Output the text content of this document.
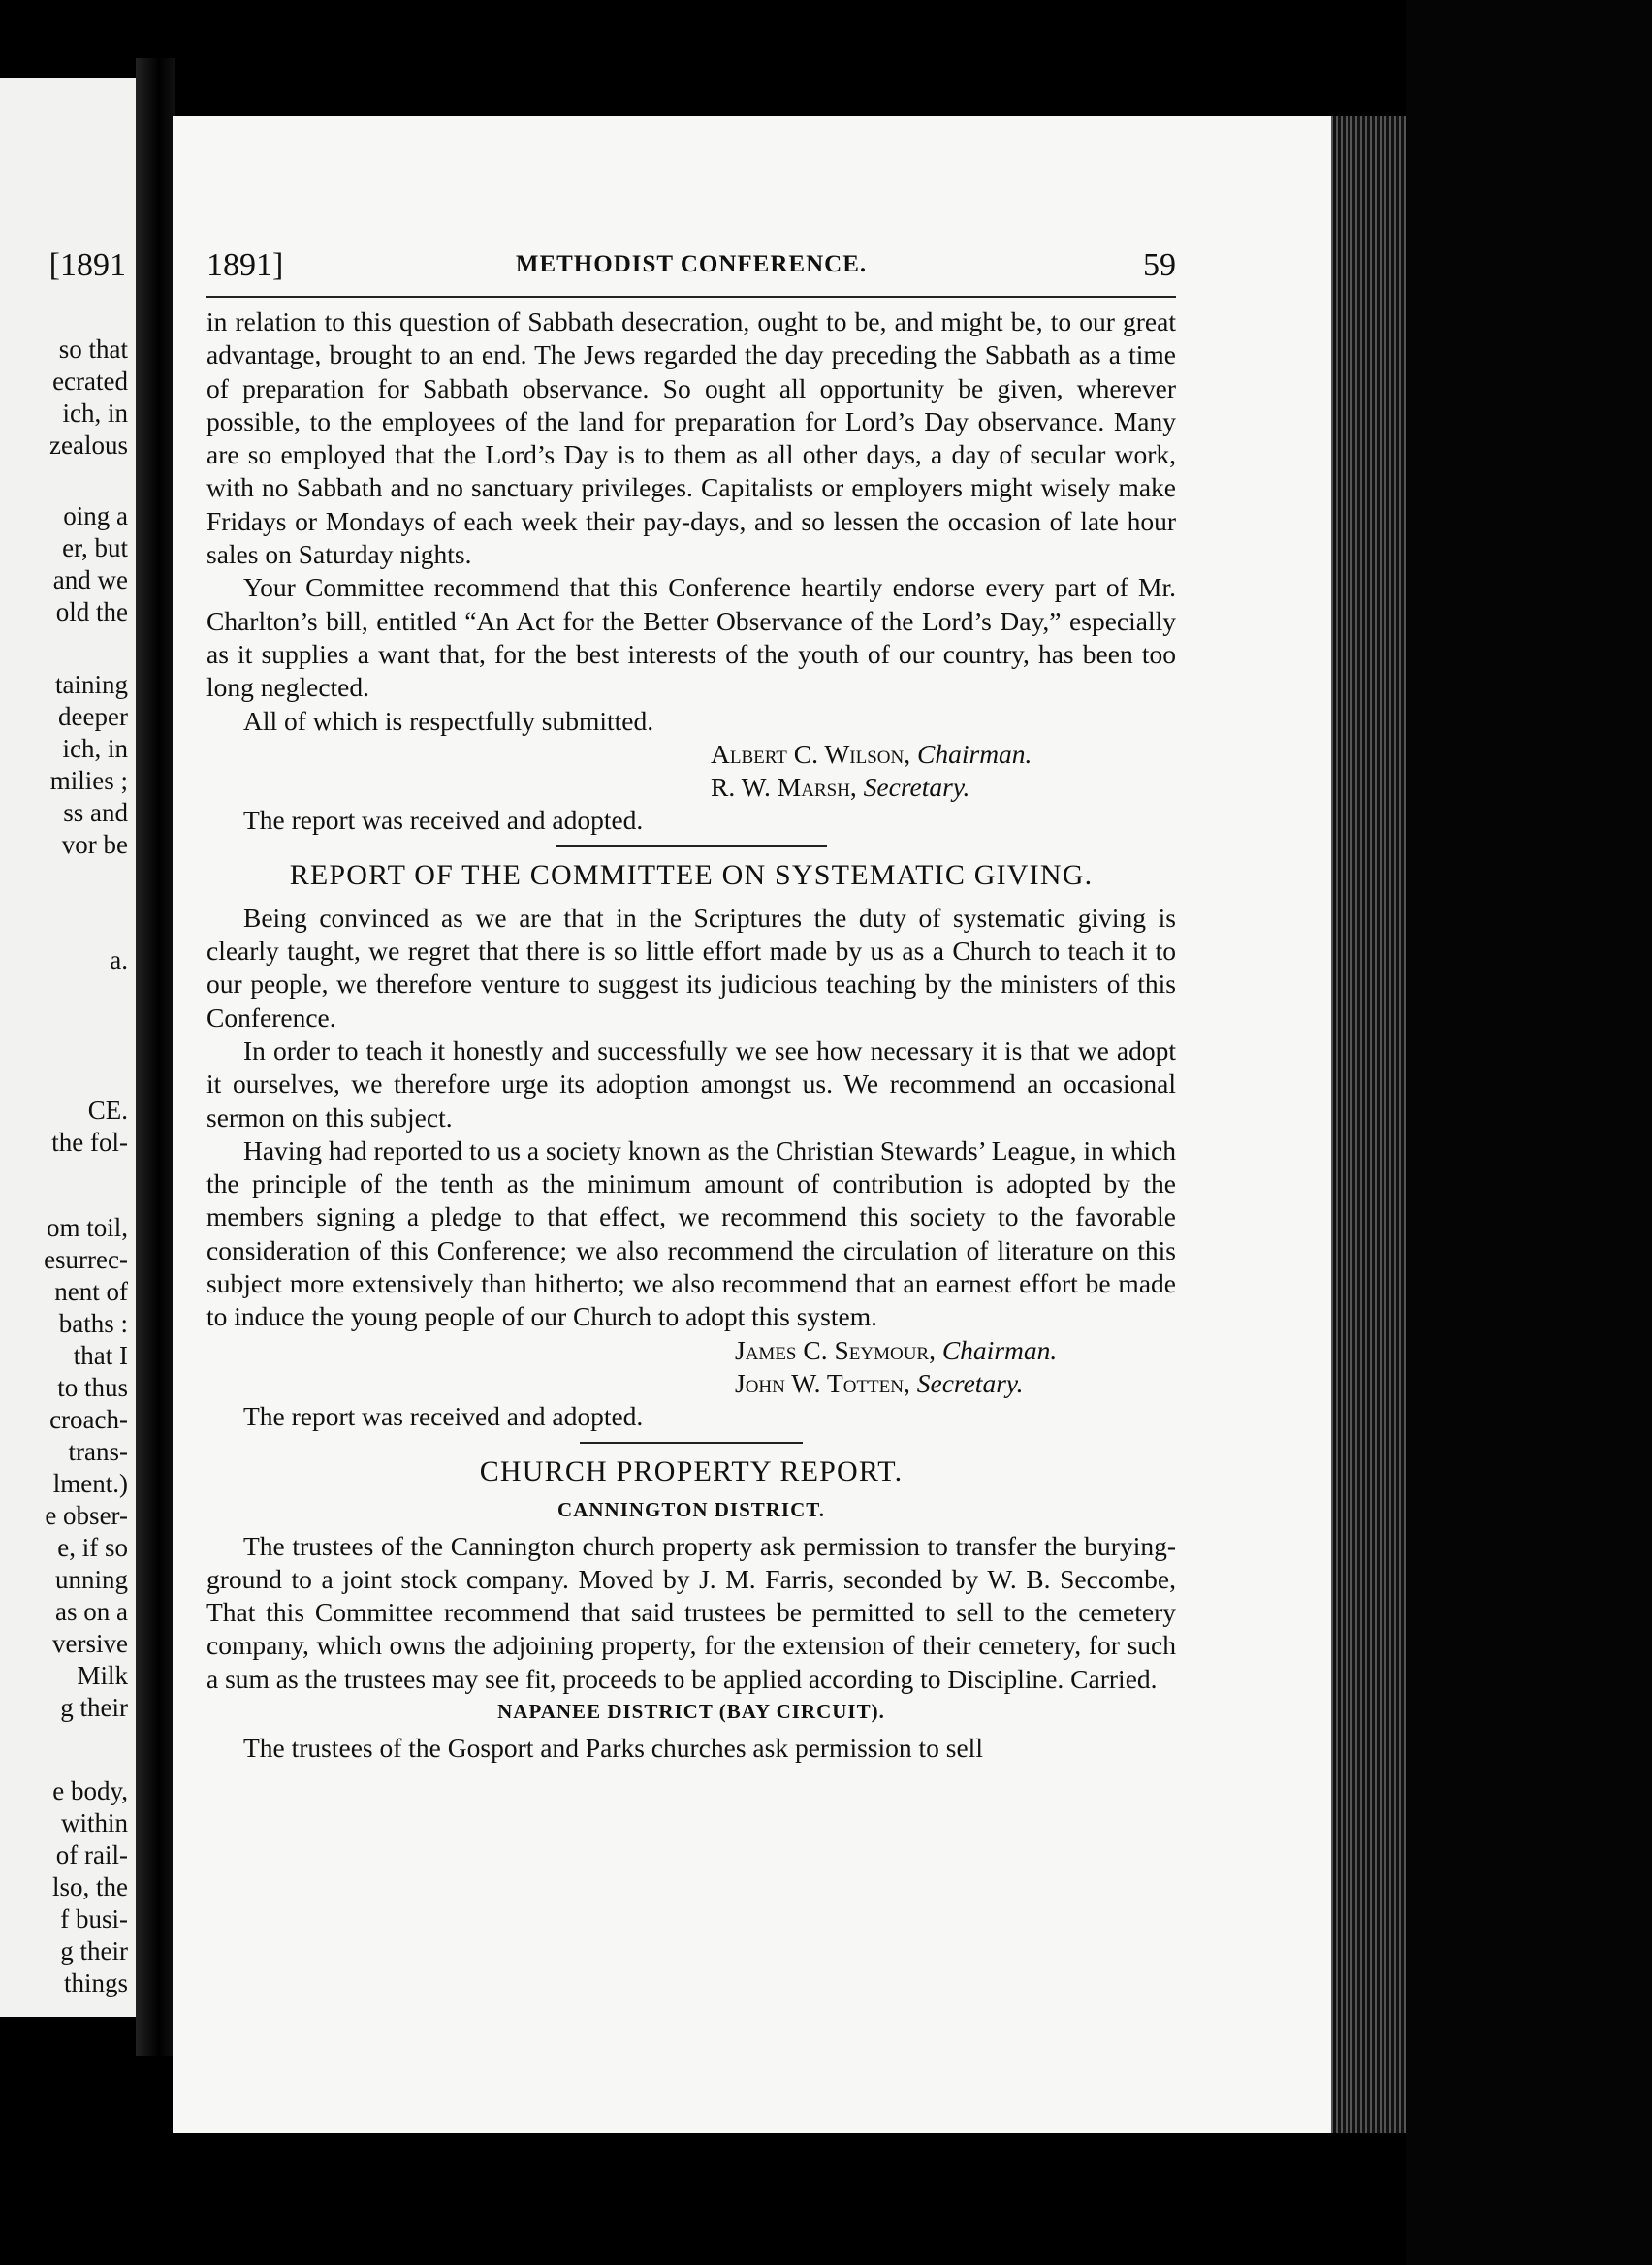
[1891
so that
ecrated
ich, in
zealous
oing a
er, but
and we
old the
taining
deeper
ich, in
milies ;
ss and
vor be
a.
CE.
the fol-
om toil,
esurrec-
nent of
baths :
that I
to thus
croach-
trans-
lment.)
e obser-
e, if so
unning
as on a
versive
Milk
g their
e body,
within
of rail-
lso, the
f busi-
g their
things
1891]	METHODIST CONFERENCE.	59

in relation to this question of Sabbath desecration, ought to be, and might be, to our great advantage, brought to an end. The Jews regarded the day preceding the Sabbath as a time of preparation for Sabbath observance. So ought all opportunity be given, wherever possible, to the employees of the land for preparation for Lord’s Day observance. Many are so employed that the Lord’s Day is to them as all other days, a day of secular work, with no Sabbath and no sanctuary privileges. Capitalists or employers might wisely make Fridays or Mondays of each week their pay-days, and so lessen the occasion of late hour sales on Saturday nights.

Your Committee recommend that this Conference heartily endorse every part of Mr. Charlton’s bill, entitled “An Act for the Better Observance of the Lord’s Day,” especially as it supplies a want that, for the best interests of the youth of our country, has been too long neglected.

All of which is respectfully submitted.

Albert C. Wilson, Chairman.
R. W. Marsh, Secretary.

The report was received and adopted.

REPORT OF THE COMMITTEE ON SYSTEMATIC GIVING.

Being convinced as we are that in the Scriptures the duty of systematic giving is clearly taught, we regret that there is so little effort made by us as a Church to teach it to our people, we therefore venture to suggest its judicious teaching by the ministers of this Conference.

In order to teach it honestly and successfully we see how necessary it is that we adopt it ourselves, we therefore urge its adoption amongst us. We recommend an occasional sermon on this subject.

Having had reported to us a society known as the Christian Stewards’ League, in which the principle of the tenth as the minimum amount of contribution is adopted by the members signing a pledge to that effect, we recommend this society to the favorable consideration of this Conference; we also recommend the circulation of literature on this subject more extensively than hitherto; we also recommend that an earnest effort be made to induce the young people of our Church to adopt this system.

James C. Seymour, Chairman.
John W. Totten, Secretary.

The report was received and adopted.

CHURCH PROPERTY REPORT.
CANNINGTON DISTRICT.

The trustees of the Cannington church property ask permission to transfer the burying-ground to a joint stock company. Moved by J. M. Farris, seconded by W. B. Seccombe, That this Committee recommend that said trustees be permitted to sell to the cemetery company, which owns the adjoining property, for the extension of their cemetery, for such a sum as the trustees may see fit, proceeds to be applied according to Discipline. Carried.

NAPANEE DISTRICT (BAY CIRCUIT).

The trustees of the Gosport and Parks churches ask permission to sell
